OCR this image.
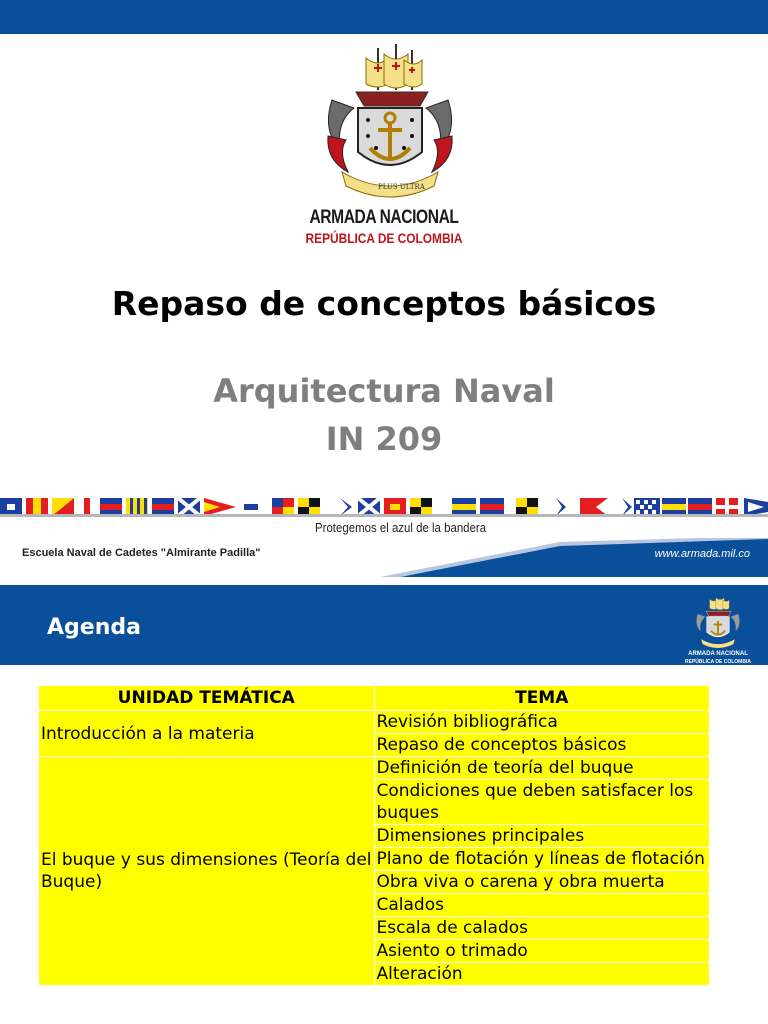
PLUS ULTRA
ARMADA NACIONAL
REPÚBLICA DE COLOMBIA
Repaso de conceptos básicos
Arquitectura Naval
IN 209
Protegemos el azul de la bandera
Escuela Naval de Cadetes "Almirante Padilla"	www.armada.mil.co
Agenda
ARMADA NACIONAL
REPÚBLICA DE COLOMBIA
UNIDAD TEMÁTICA	TEMA
Introducción a la materia	Revisión bibliográfica
	Repaso de conceptos básicos
El buque y sus dimensiones (Teoría del Buque)	Definición de teoría del buque
	Condiciones que deben satisfacer los buques
	Dimensiones principales
	Plano de flotación y líneas de flotación
	Obra viva o carena y obra muerta
	Calados
	Escala de calados
	Asiento o trimado
	Alteración
